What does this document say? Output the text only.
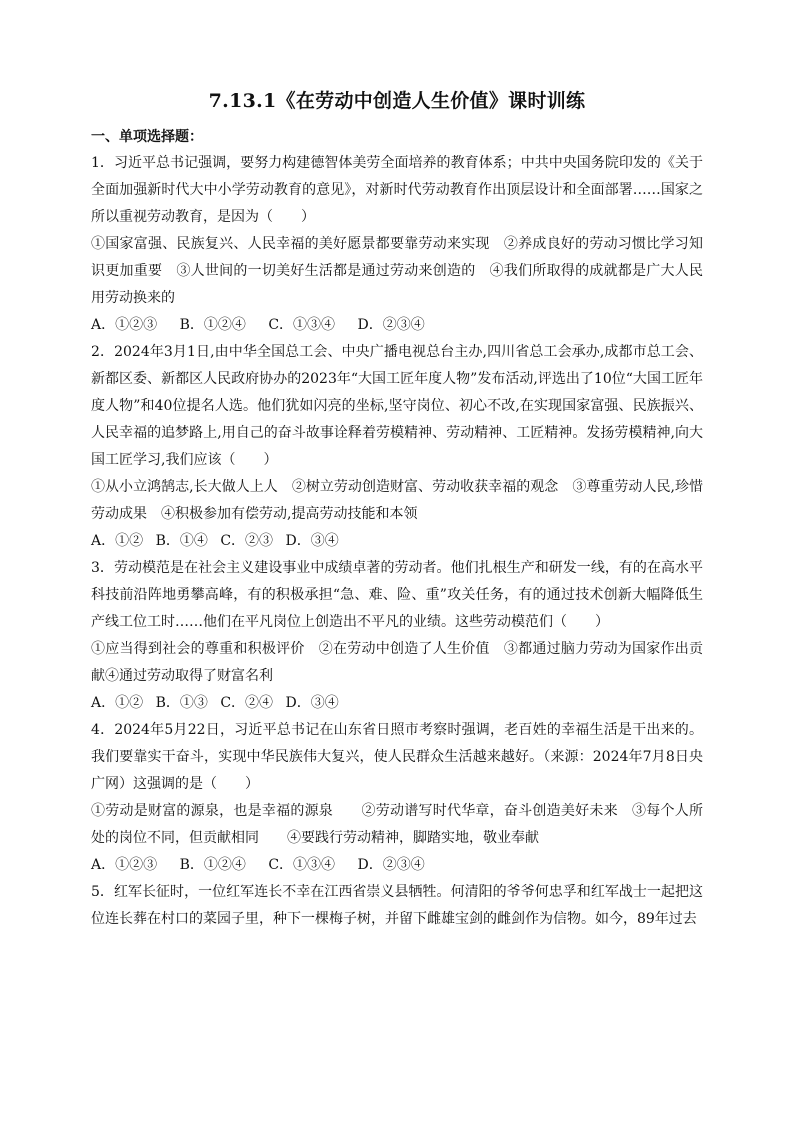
7.13.1《在劳动中创造人生价值》课时训练
一、单项选择题：
1．习近平总书记强调，要努力构建德智体美劳全面培养的教育体系；中共中央国务院印发的《关于全面加强新时代大中小学劳动教育的意见》，对新时代劳动教育作出顶层设计和全面部署……国家之所以重视劳动教育，是因为（　　）
①国家富强、民族复兴、人民幸福的美好愿景都要靠劳动来实现　②养成良好的劳动习惯比学习知识更加重要　③人世间的一切美好生活都是通过劳动来创造的　④我们所取得的成就都是广大人民用劳动换来的
A．①②③ B．①②④ C．①③④ D．②③④
2．2024年3月1日,由中华全国总工会、中央广播电视总台主办,四川省总工会承办,成都市总工会、新都区委、新都区人民政府协办的2023年“大国工匠年度人物”发布活动,评选出了10位“大国工匠年度人物”和40位提名人选。他们犹如闪亮的坐标,坚守岗位、初心不改,在实现国家富强、民族振兴、人民幸福的追梦路上,用自己的奋斗故事诠释着劳模精神、劳动精神、工匠精神。发扬劳模精神,向大国工匠学习,我们应该（　　）
①从小立鸿鹄志,长大做人上人　②树立劳动创造财富、劳动收获幸福的观念　③尊重劳动人民,珍惜劳动成果　④积极参加有偿劳动,提高劳动技能和本领
A．①② B．①④ C．②③ D．③④
3．劳动模范是在社会主义建设事业中成绩卓著的劳动者。他们扎根生产和研发一线，有的在高水平科技前沿阵地勇攀高峰，有的积极承担“急、难、险、重”攻关任务，有的通过技术创新大幅降低生产线工位工时……他们在平凡岗位上创造出不平凡的业绩。这些劳动模范们（　　）
①应当得到社会的尊重和积极评价　②在劳动中创造了人生价值　③都通过脑力劳动为国家作出贡献④通过劳动取得了财富名利
A．①② B．①③ C．②④ D．③④
4．2024年5月22日，习近平总书记在山东省日照市考察时强调，老百姓的幸福生活是干出来的。我们要靠实干奋斗，实现中华民族伟大复兴，使人民群众生活越来越好。（来源：2024年7月8日央广网）这强调的是（　　）
①劳动是财富的源泉，也是幸福的源泉　　②劳动谱写时代华章，奋斗创造美好未来　③每个人所处的岗位不同，但贡献相同　　④要践行劳动精神，脚踏实地，敬业奉献
A．①②③ B．①②④ C．①③④ D．②③④
5．红军长征时，一位红军连长不幸在江西省崇义县牺牲。何清阳的爷爷何忠孚和红军战士一起把这位连长葬在村口的菜园子里，种下一棵梅子树，并留下雌雄宝剑的雌剑作为信物。如今，89年过去
